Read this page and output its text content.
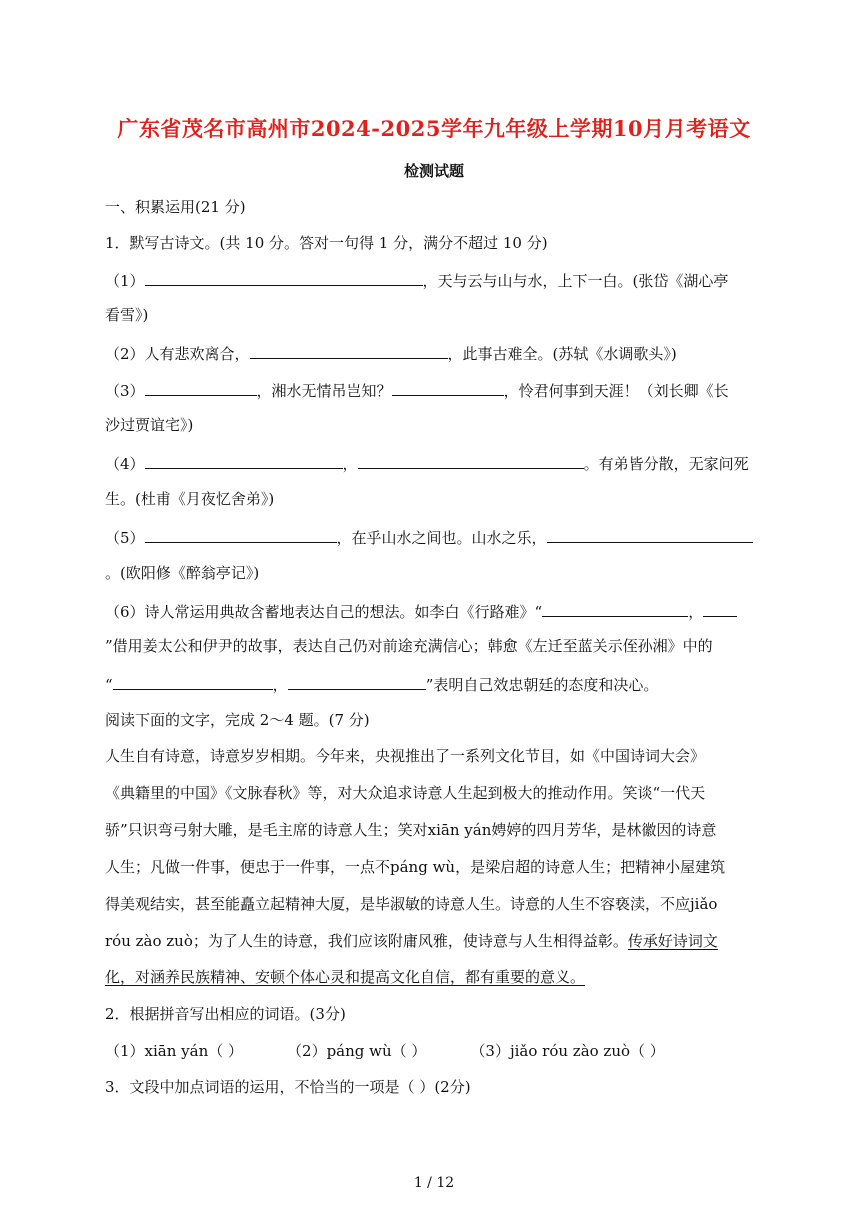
广东省茂名市高州市2024-2025学年九年级上学期10月月考语文
检测试题
一、积累运用(21 分)
1．默写古诗文。(共 10 分。答对一句得 1 分，满分不超过 10 分)
（1）	，天与云与山与水，上下一白。(张岱《湖心亭
看雪》)
（2）人有悲欢离合，	，此事古难全。(苏轼《水调歌头》)
（3）	，湘水无情吊岂知？	，怜君何事到天涯！（刘长卿《长
沙过贾谊宅》)
（4）	，	。有弟皆分散，无家问死
生。(杜甫《月夜忆舍弟》)
（5）	，在乎山水之间也。山水之乐，
。(欧阳修《醉翁亭记》)
（6）诗人常运用典故含蓄地表达自己的想法。如李白《行路难》“	，
”借用姜太公和伊尹的故事，表达自己仍对前途充满信心；韩愈《左迁至蓝关示侄孙湘》中的
“	，	”表明自己效忠朝廷的态度和决心。
阅读下面的文字，完成 2～4 题。(7 分)
人生自有诗意，诗意岁岁相期。今年来，央视推出了一系列文化节目，如《中国诗词大会》
《典籍里的中国》《文脉春秋》等，对大众追求诗意人生起到极大的推动作用。笑谈“一代天
骄”只识弯弓射大雕，是毛主席的诗意人生；笑对xiān yán娉婷的四月芳华，是林徽因的诗意
人生；凡做一件事，便忠于一件事，一点不páng wù，是梁启超的诗意人生；把精神小屋建筑
得美观结实，甚至能矗立起精神大厦，是毕淑敏的诗意人生。诗意的人生不容亵渎，不应jiǎo
róu zào zuò；为了人生的诗意，我们应该附庸风雅，使诗意与人生相得益彰。传承好诗词文
化，对涵养民族精神、安顿个体心灵和提高文化自信，都有重要的意义。
2．根据拼音写出相应的词语。(3分)
（1）xiān yán（ ）	（2）páng wù（ ）	（3）jiǎo róu zào zuò（ ）
3．文段中加点词语的运用，不恰当的一项是（ ）(2分)
1 / 12
